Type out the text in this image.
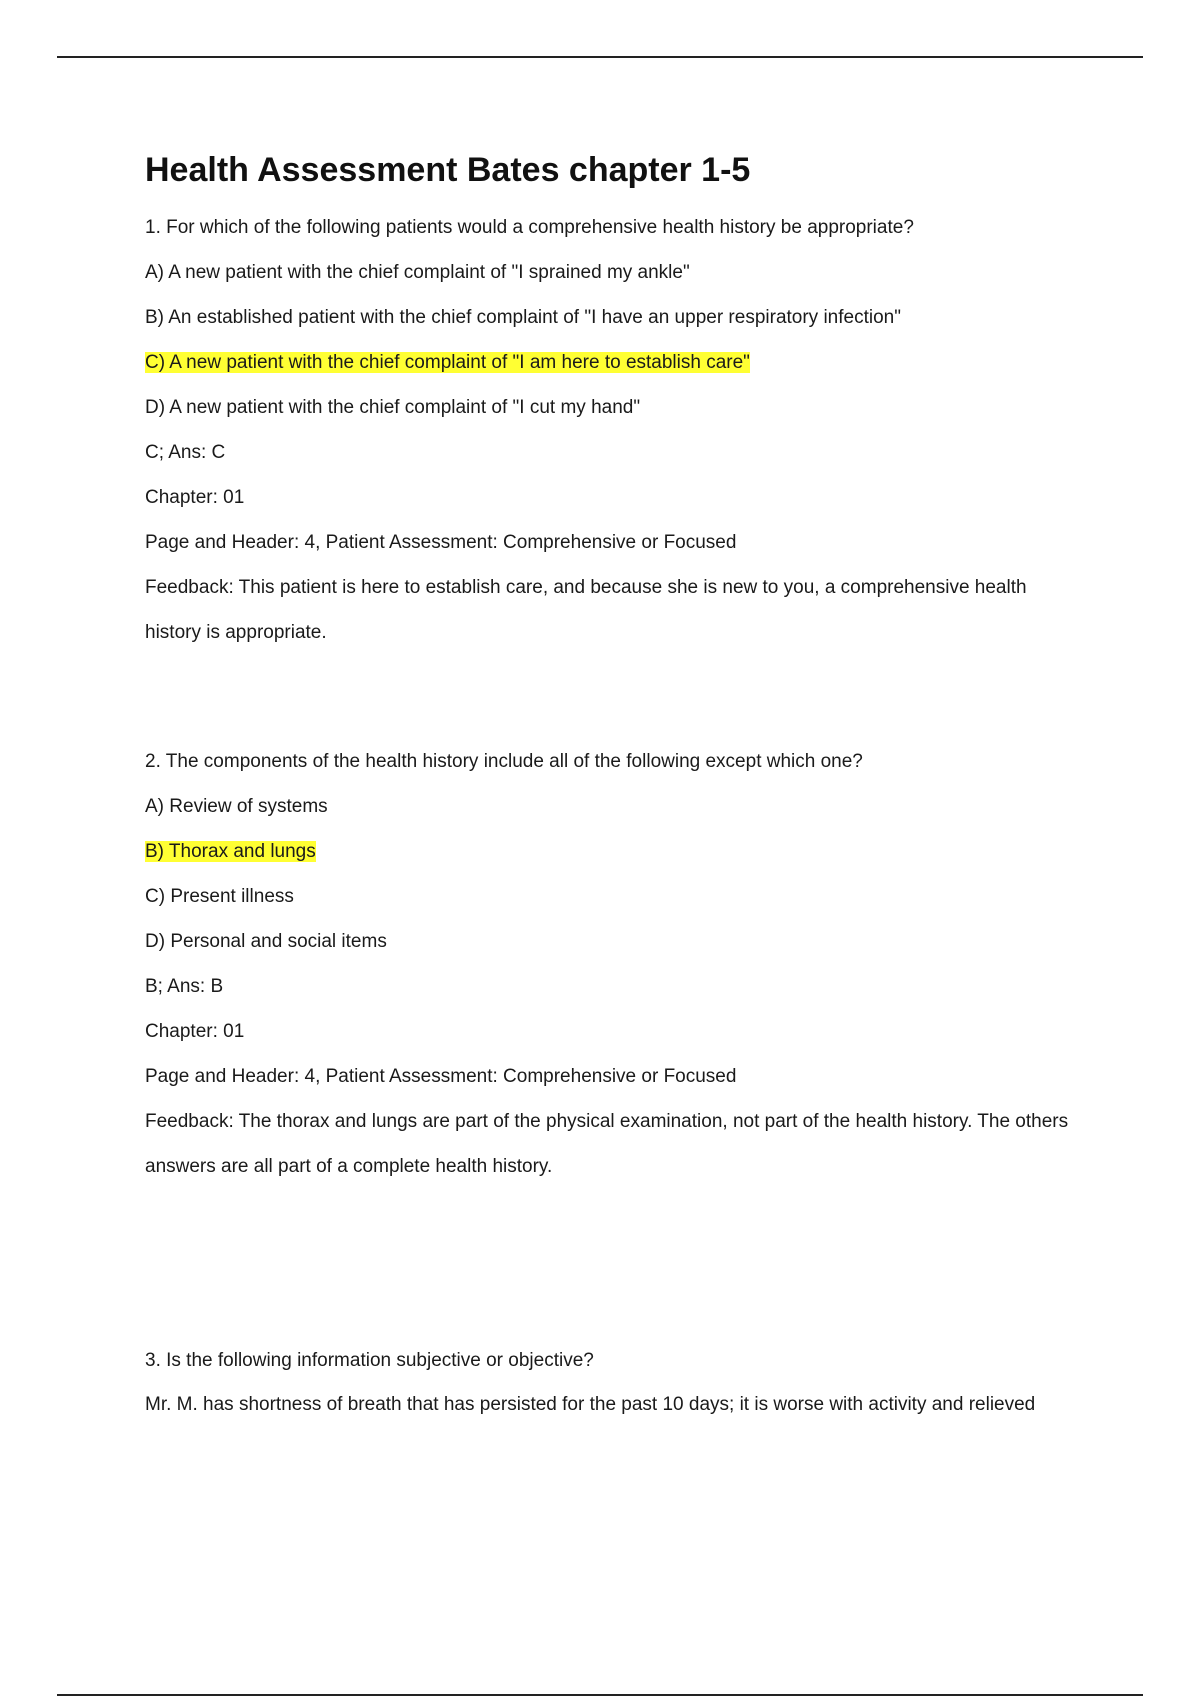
Health Assessment Bates chapter 1-5

1. For which of the following patients would a comprehensive health history be appropriate?

A) A new patient with the chief complaint of "I sprained my ankle"

B) An established patient with the chief complaint of "I have an upper respiratory infection"

C) A new patient with the chief complaint of "I am here to establish care"

D) A new patient with the chief complaint of "I cut my hand"

C; Ans: C

Chapter: 01

Page and Header: 4, Patient Assessment: Comprehensive or Focused

Feedback: This patient is here to establish care, and because she is new to you, a comprehensive health history is appropriate.

2. The components of the health history include all of the following except which one?

A) Review of systems

B) Thorax and lungs

C) Present illness

D) Personal and social items

B; Ans: B

Chapter: 01

Page and Header: 4, Patient Assessment: Comprehensive or Focused

Feedback: The thorax and lungs are part of the physical examination, not part of the health history. The others answers are all part of a complete health history.

3. Is the following information subjective or objective?

Mr. M. has shortness of breath that has persisted for the past 10 days; it is worse with activity and relieved
